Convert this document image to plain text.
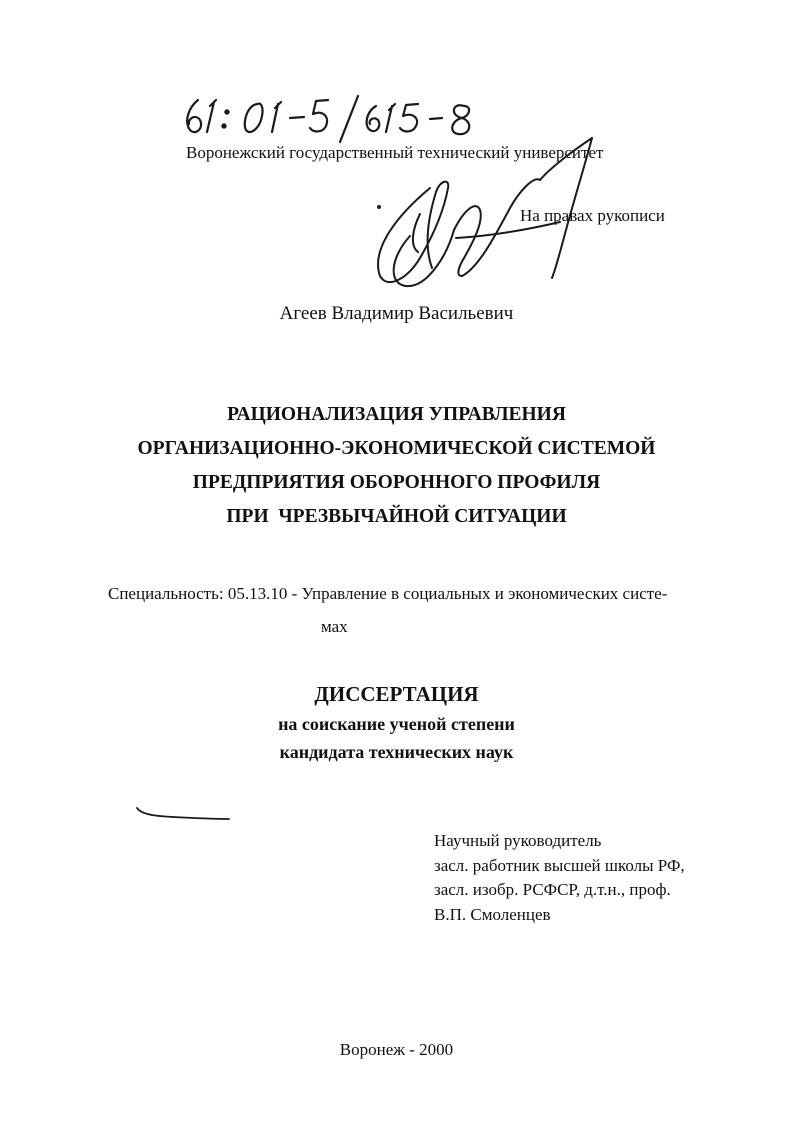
Воронежский государственный технический университет
На правах рукописи
Агеев Владимир Васильевич
РАЦИОНАЛИЗАЦИЯ УПРАВЛЕНИЯ
ОРГАНИЗАЦИОННО-ЭКОНОМИЧЕСКОЙ СИСТЕМОЙ
ПРЕДПРИЯТИЯ ОБОРОННОГО ПРОФИЛЯ
ПРИ  ЧРЕЗВЫЧАЙНОЙ СИТУАЦИИ
Специальность: 05.13.10 - Управление в социальных и экономических систе-
мах
ДИССЕРТАЦИЯ
на соискание ученой степени
кандидата технических наук
Научный руководитель
засл. работник высшей школы РФ,
засл. изобр. РСФСР, д.т.н., проф.
В.П. Смоленцев
Воронеж - 2000
